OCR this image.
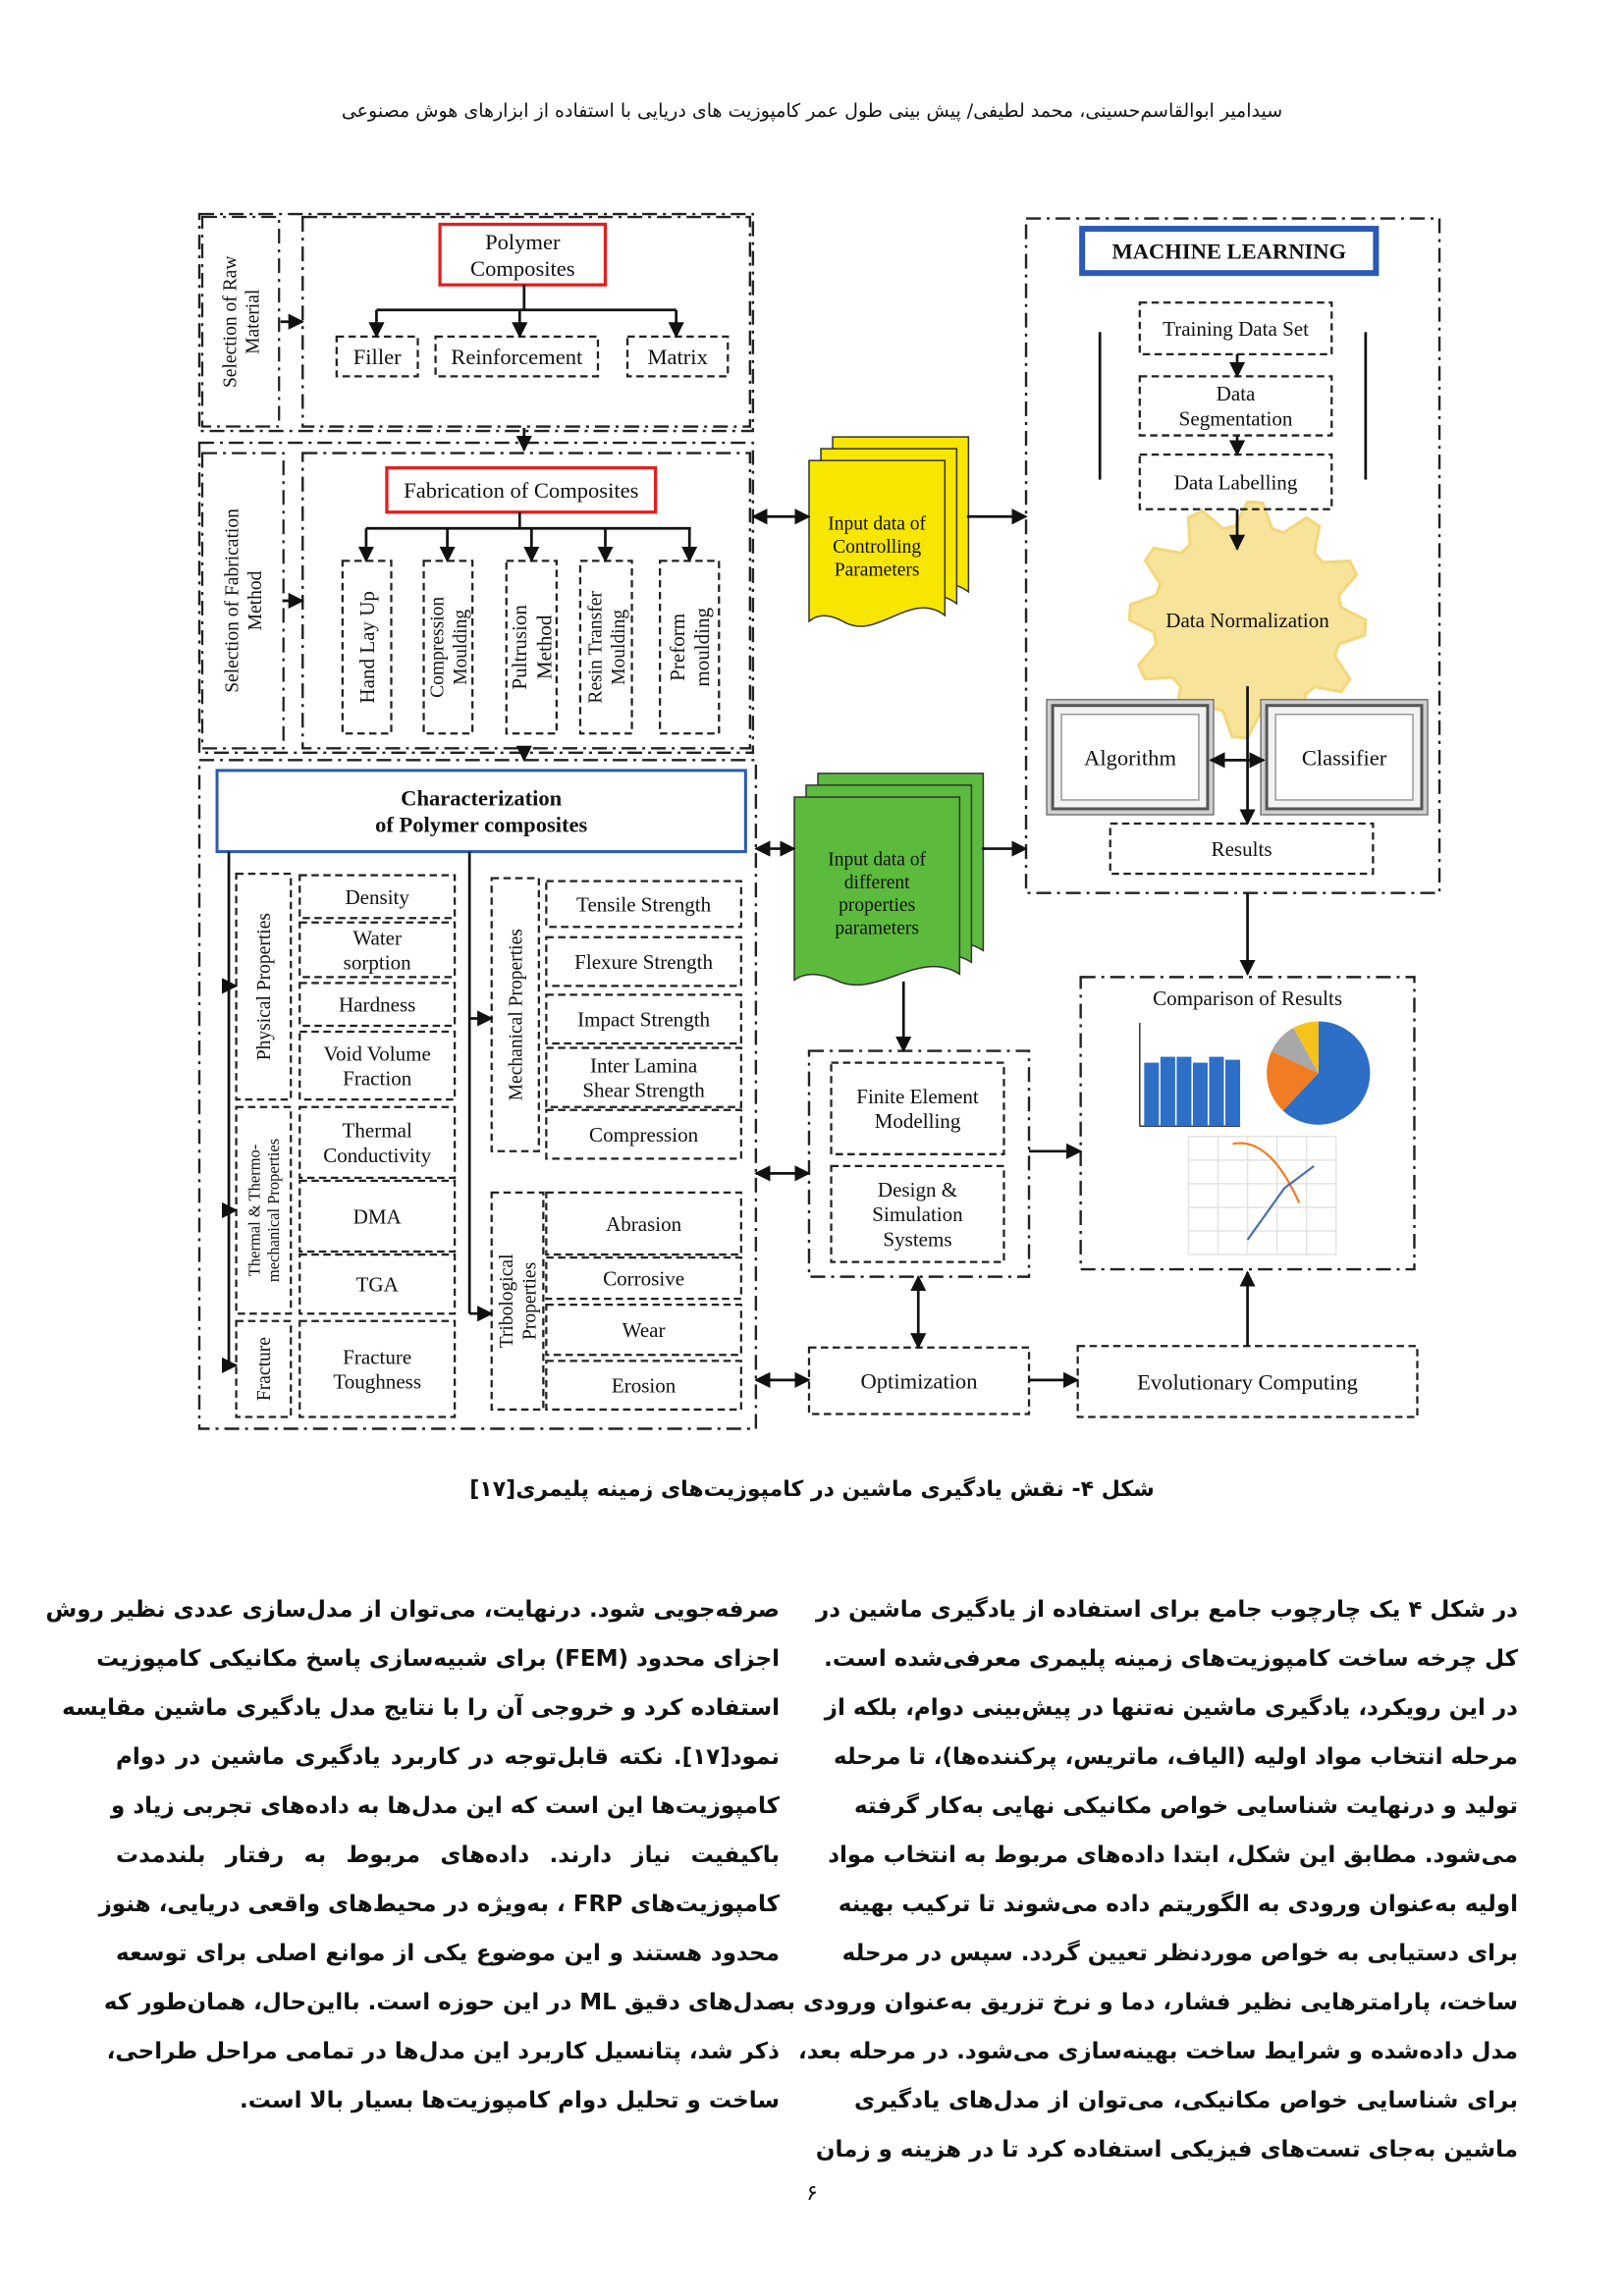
سیدامیر ابوالقاسم‌حسینی، محمد لطیفی/ پیش بینی طول عمر کامپوزیت های دریایی با استفاده از ابزارهای هوش مصنوعی
Selection of Raw Material
Polymer Composites
Filler	Reinforcement	Matrix
Selection of Fabrication Method
Fabrication of Composites
Hand Lay Up	Compression Moulding	PultrusionMethod Resin Transfer Moulding	Preformmoulding
Characterization of Polymer composites
Physical Properties
Density
Water sorption
Hardness
Void Volume Fraction
Thermal & Thermo-mechanical Properties
Thermal Conductivity
DMA
TGA
Fracture	Fracture Toughness
Mechanical Properties
Tensile Strength
Flexure Strength
Impact Strength
Inter Lamina Shear Strength
Compression
Tribological Properties
Abrasion
Corrosive
Wear
Erosion
Input data of Controlling Parameters
Input data of different properties parameters
MACHINE LEARNING
Training Data Set
Data Segmentation
Data Labelling
Data Normalization
Algorithm	Classifier
Results
Comparison of Results
Finite Element Modelling
Design & Simulation Systems
Optimization	Evolutionary Computing
شکل ۴- نقش یادگیری ماشین در کامپوزیت‌های زمینه پلیمری[۱۷]
در شکل ۴ یک چارچوب جامع برای استفاده از یادگیری ماشین در
کل چرخه ساخت کامپوزیت‌های زمینه پلیمری معرفی‌شده است.
در این رویکرد، یادگیری ماشین نه‌تنها در پیش‌بینی دوام، بلکه از
مرحله انتخاب مواد اولیه (الیاف، ماتریس، پرکننده‌ها)، تا مرحله
تولید و درنهایت شناسایی خواص مکانیکی نهایی به‌کار گرفته
می‌شود. مطابق این شکل، ابتدا داده‌های مربوط به انتخاب مواد
اولیه به‌عنوان ورودی به الگوریتم داده می‌شوند تا ترکیب بهینه
برای دستیابی به خواص موردنظر تعیین گردد. سپس در مرحله
ساخت، پارامترهایی نظیر فشار، دما و نرخ تزریق به‌عنوان ورودی به
مدل داده‌شده و شرایط ساخت بهینه‌سازی می‌شود. در مرحله بعد،
برای شناسایی خواص مکانیکی، می‌توان از مدل‌های یادگیری
ماشین به‌جای تست‌های فیزیکی استفاده کرد تا در هزینه و زمان
صرفه‌جویی شود. درنهایت، می‌توان از مدل‌سازی عددی نظیر روش
اجزای محدود (FEM) برای شبیه‌سازی پاسخ مکانیکی کامپوزیت
استفاده کرد و خروجی آن را با نتایج مدل یادگیری ماشین مقایسه
نمود[۱۷]. نکته قابل‌توجه در کاربرد یادگیری ماشین در دوام
کامپوزیت‌ها این است که این مدل‌ها به داده‌های تجربی زیاد و
باکیفیت نیاز دارند. داده‌های مربوط به رفتار بلندمدت
کامپوزیت‌های FRP ، به‌ویژه در محیط‌های واقعی دریایی، هنوز
محدود هستند و این موضوع یکی از موانع اصلی برای توسعه
مدل‌های دقیق ML در این حوزه است. بااین‌حال، همان‌طور که
ذکر شد، پتانسیل کاربرد این مدل‌ها در تمامی مراحل طراحی،
ساخت و تحلیل دوام کامپوزیت‌ها بسیار بالا است.
۶
